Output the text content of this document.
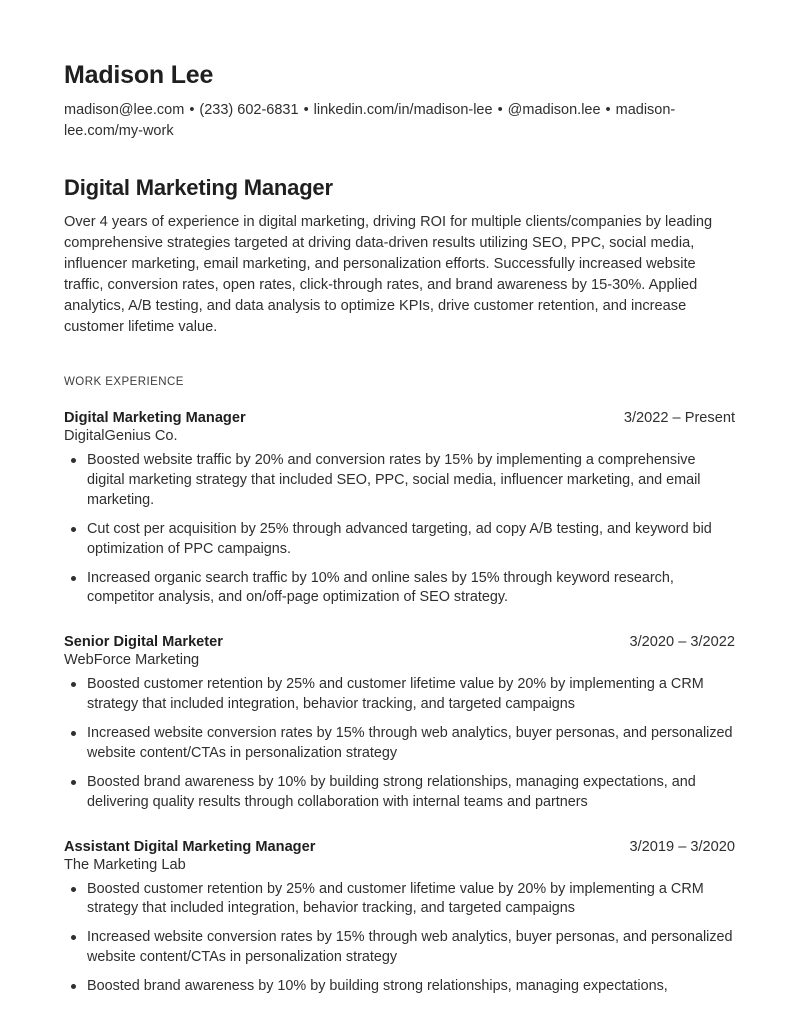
Madison Lee
madison@lee.com • (233) 602-6831 • linkedin.com/in/madison-lee • @madison.lee • madison-lee.com/my-work
Digital Marketing Manager

Over 4 years of experience in digital marketing, driving ROI for multiple clients/companies by leading comprehensive strategies targeted at driving data-driven results utilizing SEO, PPC, social media, influencer marketing, email marketing, and personalization efforts. Successfully increased website traffic, conversion rates, open rates, click-through rates, and brand awareness by 15-30%. Applied analytics, A/B testing, and data analysis to optimize KPIs, drive customer retention, and increase customer lifetime value.

WORK EXPERIENCE
Digital Marketing Manager	3/2022 – Present
DigitalGenius Co.
Boosted website traffic by 20% and conversion rates by 15% by implementing a comprehensive digital marketing strategy that included SEO, PPC, social media, influencer marketing, and email marketing.
Cut cost per acquisition by 25% through advanced targeting, ad copy A/B testing, and keyword bid optimization of PPC campaigns.
Increased organic search traffic by 10% and online sales by 15% through keyword research, competitor analysis, and on/off-page optimization of SEO strategy.
Senior Digital Marketer	3/2020 – 3/2022
WebForce Marketing
Boosted customer retention by 25% and customer lifetime value by 20% by implementing a CRM strategy that included integration, behavior tracking, and targeted campaigns
Increased website conversion rates by 15% through web analytics, buyer personas, and personalized website content/CTAs in personalization strategy
Boosted brand awareness by 10% by building strong relationships, managing expectations, and delivering quality results through collaboration with internal teams and partners
Assistant Digital Marketing Manager	3/2019 – 3/2020
The Marketing Lab
Boosted customer retention by 25% and customer lifetime value by 20% by implementing a CRM strategy that included integration, behavior tracking, and targeted campaigns
Increased website conversion rates by 15% through web analytics, buyer personas, and personalized website content/CTAs in personalization strategy
Boosted brand awareness by 10% by building strong relationships, managing expectations,
